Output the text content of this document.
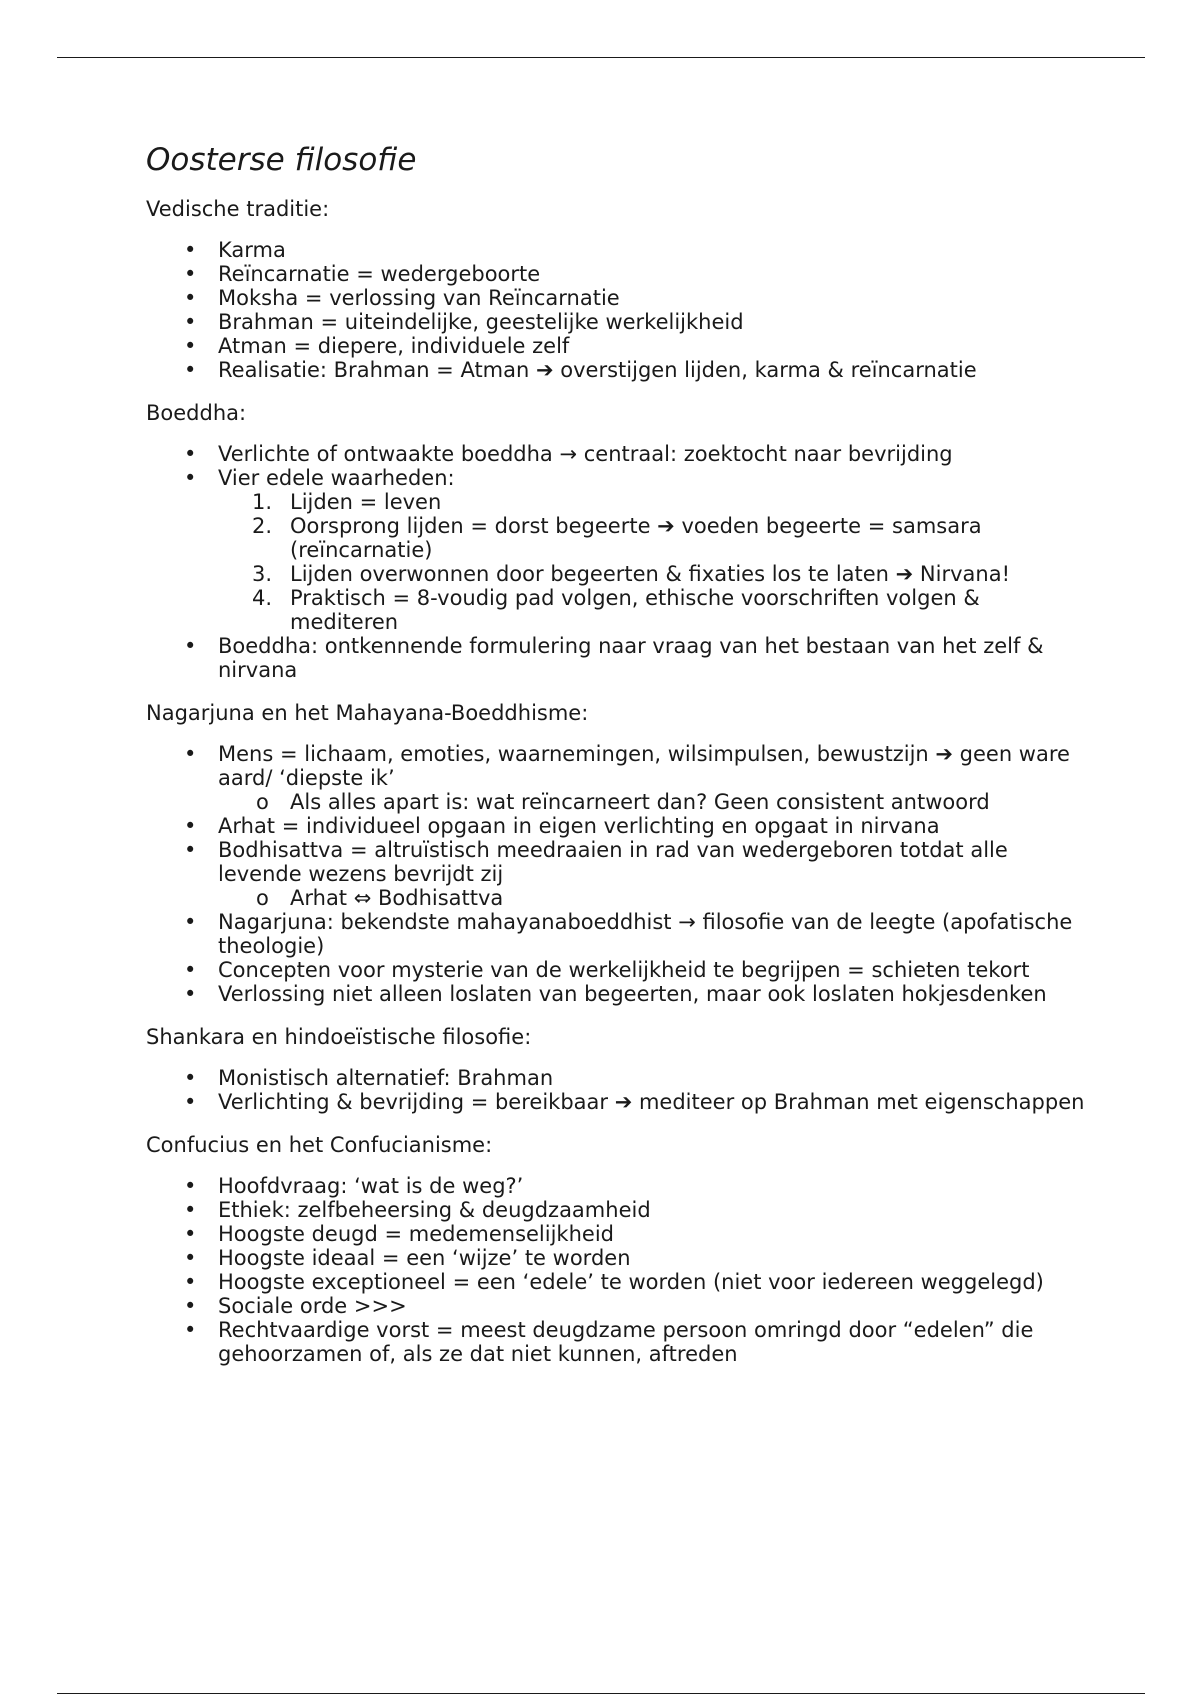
Oosterse filosofie

Vedische traditie:

• Karma
• Reïncarnatie = wedergeboorte
• Moksha = verlossing van Reïncarnatie
• Brahman = uiteindelijke, geestelijke werkelijkheid
• Atman = diepere, individuele zelf
• Realisatie: Brahman = Atman ➔ overstijgen lijden, karma & reïncarnatie

Boeddha:

• Verlichte of ontwaakte boeddha → centraal: zoektocht naar bevrijding
• Vier edele waarheden:
1. Lijden = leven
2. Oorsprong lijden = dorst begeerte ➔ voeden begeerte = samsara (reïncarnatie)
3. Lijden overwonnen door begeerten & fixaties los te laten ➔ Nirvana!
4. Praktisch = 8-voudig pad volgen, ethische voorschriften volgen & mediteren
• Boeddha: ontkennende formulering naar vraag van het bestaan van het zelf & nirvana

Nagarjuna en het Mahayana-Boeddhisme:

• Mens = lichaam, emoties, waarnemingen, wilsimpulsen, bewustzijn ➔ geen ware aard/ ‘diepste ik’
o Als alles apart is: wat reïncarneert dan? Geen consistent antwoord
• Arhat = individueel opgaan in eigen verlichting en opgaat in nirvana
• Bodhisattva = altruïstisch meedraaien in rad van wedergeboren totdat alle levende wezens bevrijdt zij
o Arhat ⇔ Bodhisattva
• Nagarjuna: bekendste mahayanaboeddhist → filosofie van de leegte (apofatische theologie)
• Concepten voor mysterie van de werkelijkheid te begrijpen = schieten tekort
• Verlossing niet alleen loslaten van begeerten, maar ook loslaten hokjesdenken

Shankara en hindoeïstische filosofie:

• Monistisch alternatief: Brahman
• Verlichting & bevrijding = bereikbaar ➔ mediteer op Brahman met eigenschappen

Confucius en het Confucianisme:

• Hoofdvraag: ‘wat is de weg?’
• Ethiek: zelfbeheersing & deugdzaamheid
• Hoogste deugd = medemenselijkheid
• Hoogste ideaal = een ‘wijze’ te worden
• Hoogste exceptioneel = een ‘edele’ te worden (niet voor iedereen weggelegd)
• Sociale orde >>>
• Rechtvaardige vorst = meest deugdzame persoon omringd door “edelen” die gehoorzamen of, als ze dat niet kunnen, aftreden
